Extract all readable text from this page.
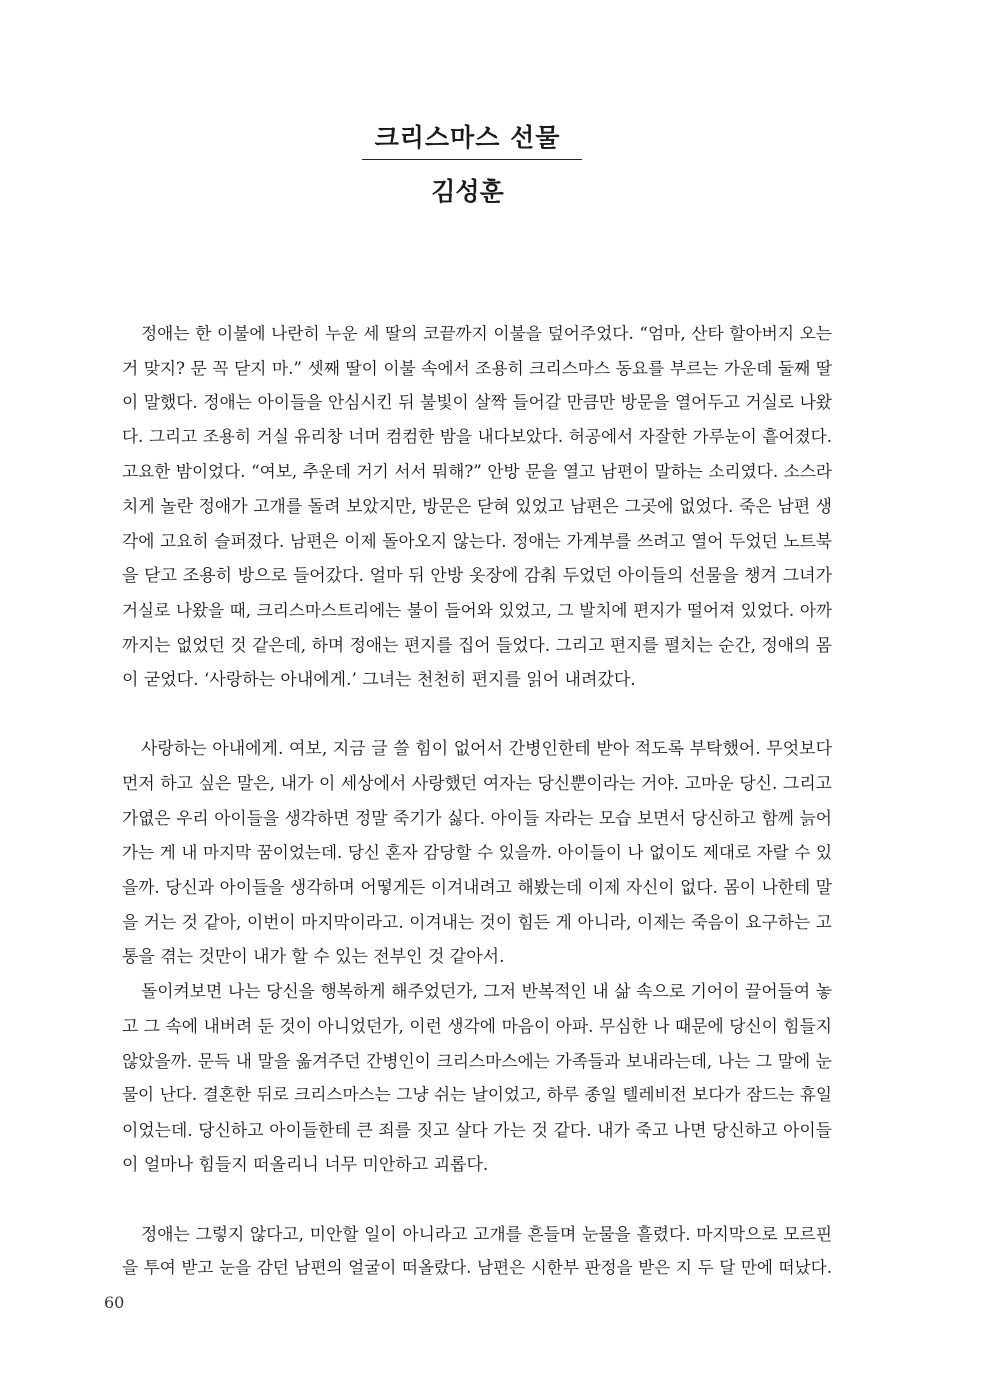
크리스마스 선물
김성훈
정애는 한 이불에 나란히 누운 세 딸의 코끝까지 이불을 덮어주었다. “엄마, 산타 할아버지 오는
거 맞지? 문 꼭 닫지 마.” 셋째 딸이 이불 속에서 조용히 크리스마스 동요를 부르는 가운데 둘째 딸
이 말했다. 정애는 아이들을 안심시킨 뒤 불빛이 살짝 들어갈 만큼만 방문을 열어두고 거실로 나왔
다. 그리고 조용히 거실 유리창 너머 컴컴한 밤을 내다보았다. 허공에서 자잘한 가루눈이 흩어졌다.
고요한 밤이었다. “여보, 추운데 거기 서서 뭐해?” 안방 문을 열고 남편이 말하는 소리였다. 소스라
치게 놀란 정애가 고개를 돌려 보았지만, 방문은 닫혀 있었고 남편은 그곳에 없었다. 죽은 남편 생
각에 고요히 슬퍼졌다. 남편은 이제 돌아오지 않는다. 정애는 가계부를 쓰려고 열어 두었던 노트북
을 닫고 조용히 방으로 들어갔다. 얼마 뒤 안방 옷장에 감춰 두었던 아이들의 선물을 챙겨 그녀가
거실로 나왔을 때, 크리스마스트리에는 불이 들어와 있었고, 그 발치에 편지가 떨어져 있었다. 아까
까지는 없었던 것 같은데, 하며 정애는 편지를 집어 들었다. 그리고 편지를 펼치는 순간, 정애의 몸
이 굳었다. ‘사랑하는 아내에게.’ 그녀는 천천히 편지를 읽어 내려갔다.
사랑하는 아내에게. 여보, 지금 글 쓸 힘이 없어서 간병인한테 받아 적도록 부탁했어. 무엇보다
먼저 하고 싶은 말은, 내가 이 세상에서 사랑했던 여자는 당신뿐이라는 거야. 고마운 당신. 그리고
가엾은 우리 아이들을 생각하면 정말 죽기가 싫다. 아이들 자라는 모습 보면서 당신하고 함께 늙어
가는 게 내 마지막 꿈이었는데. 당신 혼자 감당할 수 있을까. 아이들이 나 없이도 제대로 자랄 수 있
을까. 당신과 아이들을 생각하며 어떻게든 이겨내려고 해봤는데 이제 자신이 없다. 몸이 나한테 말
을 거는 것 같아, 이번이 마지막이라고. 이겨내는 것이 힘든 게 아니라, 이제는 죽음이 요구하는 고
통을 겪는 것만이 내가 할 수 있는 전부인 것 같아서.
돌이켜보면 나는 당신을 행복하게 해주었던가, 그저 반복적인 내 삶 속으로 기어이 끌어들여 놓
고 그 속에 내버려 둔 것이 아니었던가, 이런 생각에 마음이 아파. 무심한 나 때문에 당신이 힘들지
않았을까. 문득 내 말을 옮겨주던 간병인이 크리스마스에는 가족들과 보내라는데, 나는 그 말에 눈
물이 난다. 결혼한 뒤로 크리스마스는 그냥 쉬는 날이었고, 하루 종일 텔레비전 보다가 잠드는 휴일
이었는데. 당신하고 아이들한테 큰 죄를 짓고 살다 가는 것 같다. 내가 죽고 나면 당신하고 아이들
이 얼마나 힘들지 떠올리니 너무 미안하고 괴롭다.
정애는 그렇지 않다고, 미안할 일이 아니라고 고개를 흔들며 눈물을 흘렸다. 마지막으로 모르핀
을 투여 받고 눈을 감던 남편의 얼굴이 떠올랐다. 남편은 시한부 판정을 받은 지 두 달 만에 떠났다.
60
